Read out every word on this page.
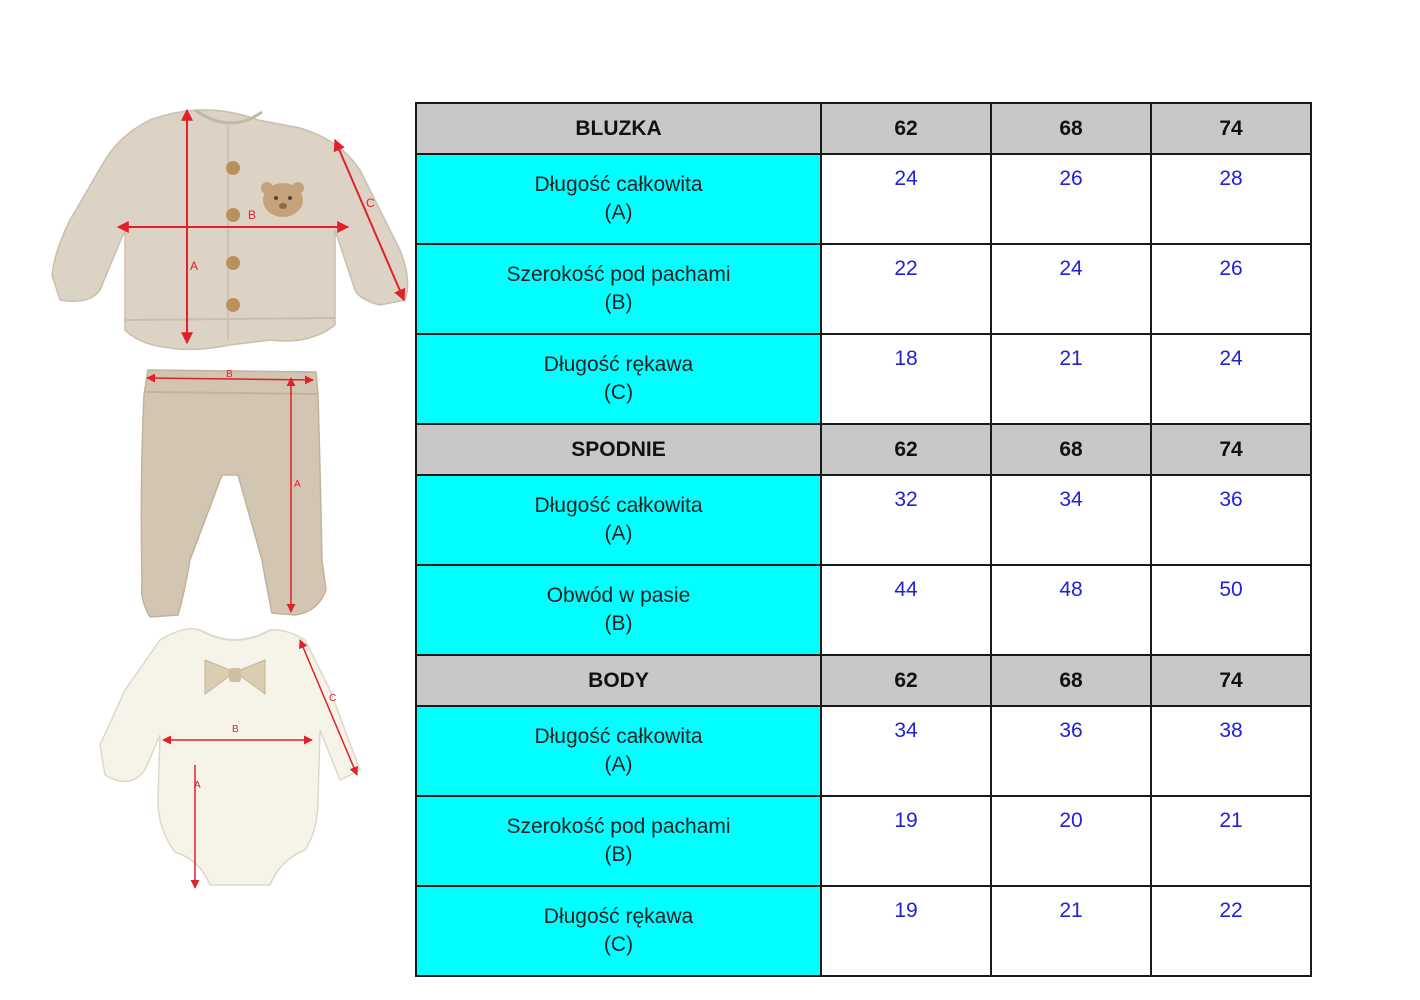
A
B
C
B
A
A
B
C
BLUZKA	62	68	74

Długość całkowita
(A)	24	26	28

Szerokość pod pachami
(B)	22	24	26

Długość rękawa
(C)	18	21	24
SPODNIE	62	68	74

Długość całkowita
(A)	32	34	36

Obwód w pasie
(B)	44	48	50
BODY	62	68	74

Długość całkowita
(A)	34	36	38

Szerokość pod pachami
(B)	19	20	21

Długość rękawa
(C)	19	21	22
